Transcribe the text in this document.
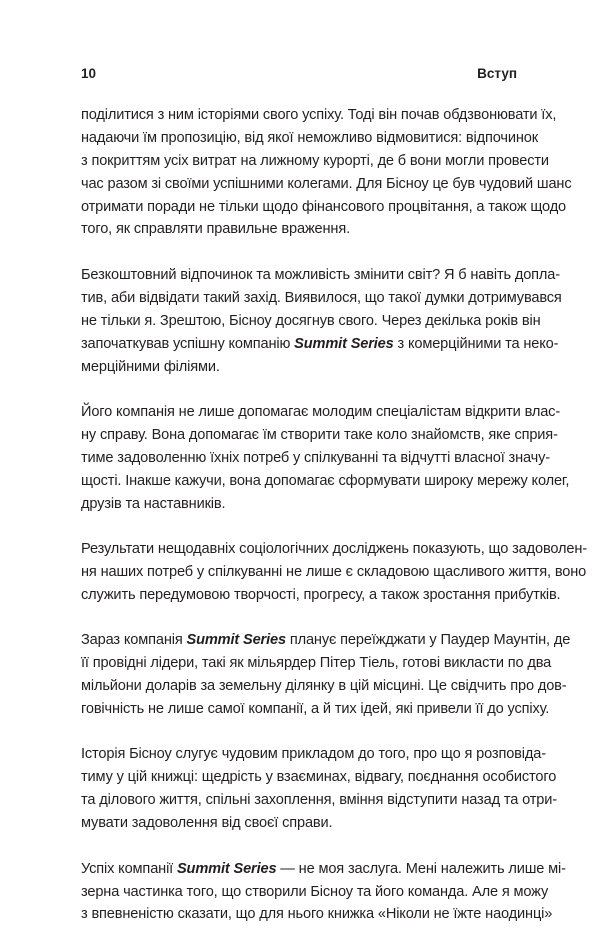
10	Вступ

поділитися з ним історіями свого успіху. Тоді він почав обдзвонювати їх,
надаючи їм пропозицію, від якої неможливо відмовитися: відпочинок
з покриттям усіх витрат на лижному курорті, де б вони могли провести
час разом зі своїми успішними колегами. Для Бісноу це був чудовий шанс
отримати поради не тільки щодо фінансового процвітання, а також щодо
того, як справляти правильне враження.

Безкоштовний відпочинок та можливість змінити світ? Я б навіть допла-
тив, аби відвідати такий захід. Виявилося, що такої думки дотримувався
не тільки я. Зрештою, Бісноу досягнув свого. Через декілька років він
започаткував успішну компанію Summit Series з комерційними та неко-
мерційними філіями.

Його компанія не лише допомагає молодим спеціалістам відкрити влас-
ну справу. Вона допомагає їм створити таке коло знайомств, яке сприя-
тиме задоволенню їхніх потреб у спілкуванні та відчутті власної значу-
щості. Інакше кажучи, вона допомагає сформувати широку мережу колег,
друзів та наставників.

Результати нещодавніх соціологічних досліджень показують, що задоволен-
ня наших потреб у спілкуванні не лише є складовою щасливого життя, воно
служить передумовою творчості, прогресу, а також зростання прибутків.

Зараз компанія Summit Series планує переїжджати у Паудер Маунтін, де
її провідні лідери, такі як мільярдер Пітер Тіель, готові викласти по два
мільйони доларів за земельну ділянку в цій місцині. Це свідчить про дов-
говічність не лише самої компанії, а й тих ідей, які привели її до успіху.

Історія Бісноу слугує чудовим прикладом до того, про що я розповіда-
тиму у цій книжці: щедрість у взаєминах, відвагу, поєднання особистого
та ділового життя, спільні захоплення, вміння відступити назад та отри-
мувати задоволення від своєї справи.

Успіх компанії Summit Series — не моя заслуга. Мені належить лише мі-
зерна частинка того, що створили Бісноу та його команда. Але я можу
з впевненістю сказати, що для нього книжка «Ніколи не їжте наодинці»
